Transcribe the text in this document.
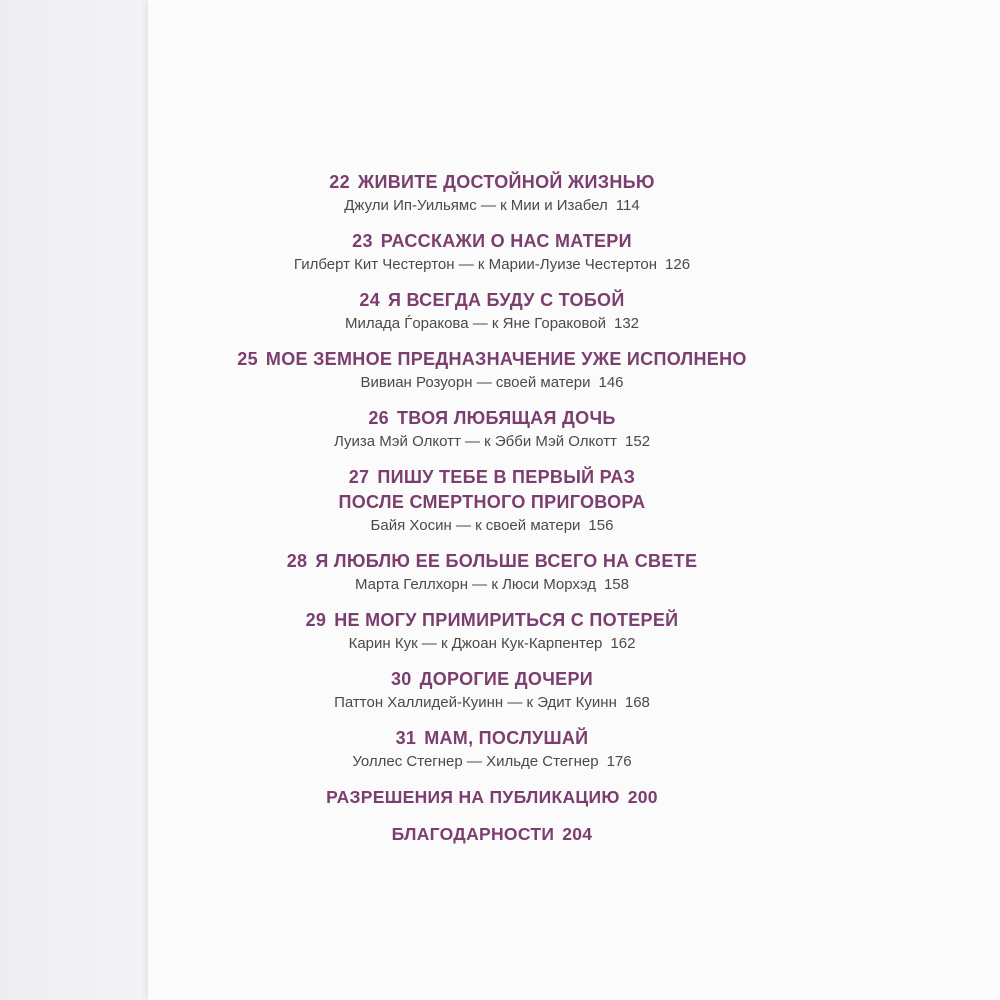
22 ЖИВИТЕ ДОСТОЙНОЙ ЖИЗНЬЮ
Джули Ип-Уильямс — к Мии и Изабел 114
23 РАССКАЖИ О НАС МАТЕРИ
Гилберт Кит Честертон — к Марии-Луизе Честертон 126
24 Я ВСЕГДА БУДУ С ТОБОЙ
Милада Ѓоракова — к Яне Гораковой 132
25 МОЕ ЗЕМНОЕ ПРЕДНАЗНАЧЕНИЕ УЖЕ ИСПОЛНЕНО
Вивиан Розуорн — своей матери 146
26 ТВОЯ ЛЮБЯЩАЯ ДОЧЬ
Луиза Мэй Олкотт — к Эбби Мэй Олкотт 152
27 ПИШУ ТЕБЕ В ПЕРВЫЙ РАЗ
ПОСЛЕ СМЕРТНОГО ПРИГОВОРА
Байя Хосин — к своей матери 156
28 Я ЛЮБЛЮ ЕЕ БОЛЬШЕ ВСЕГО НА СВЕТЕ
Марта Геллхорн — к Люси Морхэд 158
29 НЕ МОГУ ПРИМИРИТЬСЯ С ПОТЕРЕЙ
Карин Кук — к Джоан Кук-Карпентер 162
30 ДОРОГИЕ ДОЧЕРИ
Паттон Халлидей-Куинн — к Эдит Куинн 168
31 МАМ, ПОСЛУШАЙ
Уоллес Стегнер — Хильде Стегнер 176
РАЗРЕШЕНИЯ НА ПУБЛИКАЦИЮ 200
БЛАГОДАРНОСТИ 204
